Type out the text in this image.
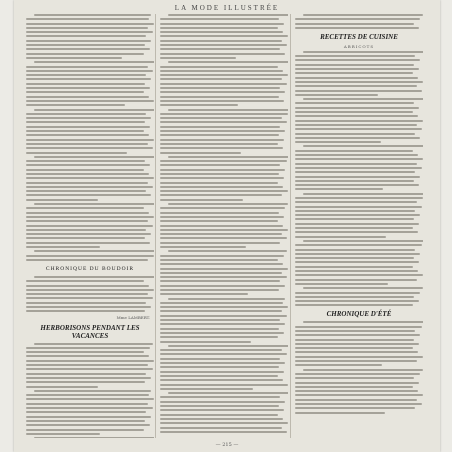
LA MODE ILLUSTRÉE
CHRONIQUE DU BOUDOIR
Mme LAMBERT.
HERBORISONS PENDANT LES VACANCES
RECETTES DE CUISINE
ABRICOTS
CHRONIQUE D'ÉTÉ
— 215 —
